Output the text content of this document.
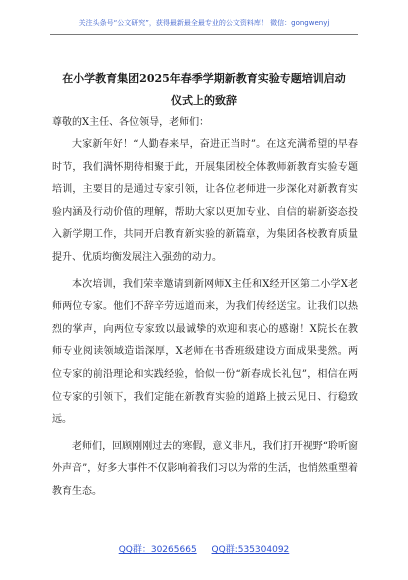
关注头条号“公文研究”，获得最新最全最专业的公文资料库！ 微信：gongwenyj
在小学教育集团2025年春季学期新教育实验专题培训启动
仪式上的致辞
尊敬的X主任、各位领导，老师们：

大家新年好！“人勤春来早，奋进正当时”。在这充满希望的早春时节，我们满怀期待相聚于此，开展集团校全体教师新教育实验专题培训，主要目的是通过专家引领，让各位老师进一步深化对新教育实验内涵及行动价值的理解，帮助大家以更加专业、自信的崭新姿态投入新学期工作，共同开启教育新实验的新篇章，为集团各校教育质量提升、优质均衡发展注入强劲的动力。

本次培训，我们荣幸邀请到新网师X主任和X经开区第二小学X老师两位专家。他们不辞辛劳远道而来，为我们传经送宝。让我们以热烈的掌声，向两位专家致以最诚挚的欢迎和衷心的感谢！X院长在教师专业阅读领域造诣深厚，X老师在书香班级建设方面成果斐然。两位专家的前沿理论和实践经验，恰似一份“新春成长礼包”，相信在两位专家的引领下，我们定能在新教育实验的道路上披云见日、行稳致远。

老师们，回顾刚刚过去的寒假，意义非凡，我们打开视野“聆听窗外声音”，好多大事件不仅影响着我们习以为常的生活，也悄然重塑着教育生态。

QQ群：30265665 QQ群:535304092
